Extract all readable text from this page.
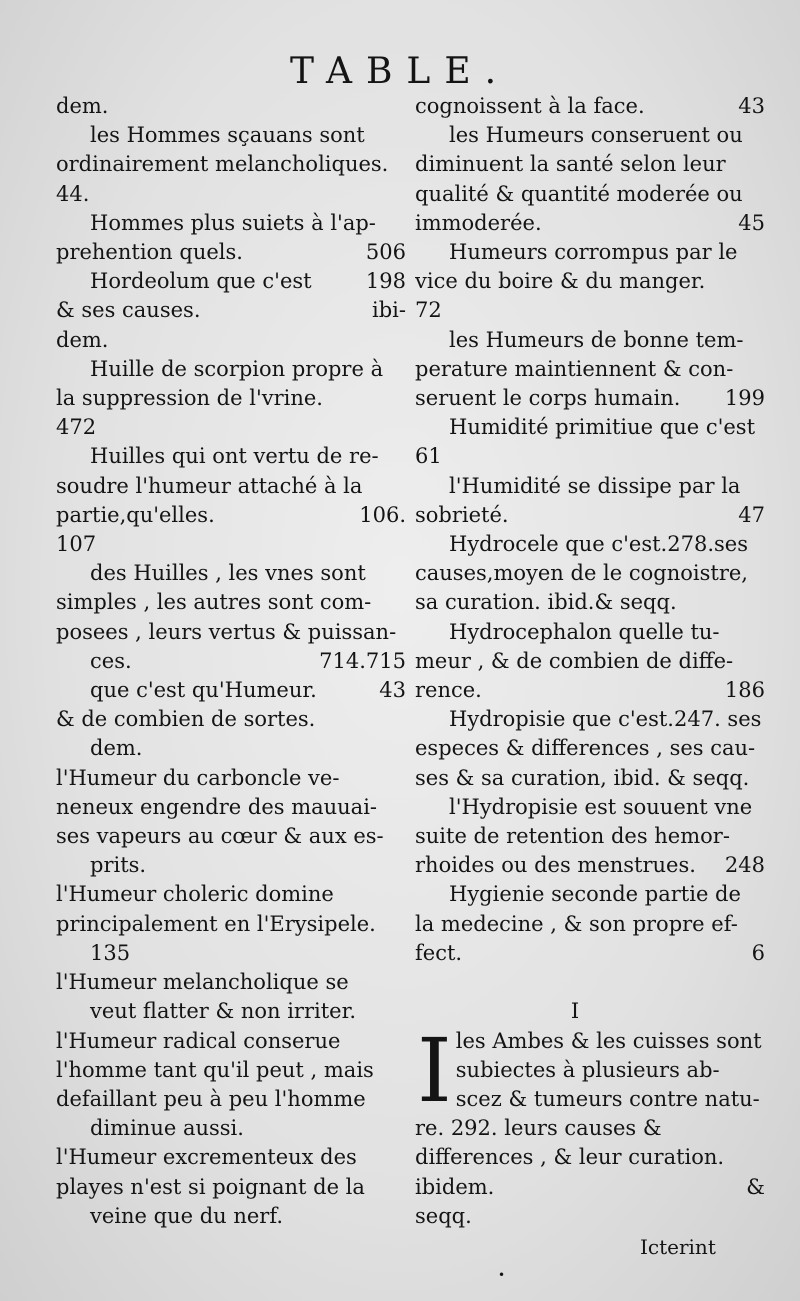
TABLE.
dem.
les Hommes sçauans sont
ordinairement melancholiques.
44.
Hommes plus suiets à l'ap-
prehention quels.	506
Hordeolum que c'est	198
& ses causes.	ibi-
dem.
Huille de scorpion propre à
la suppression de l'vrine.
472
Huilles qui ont vertu de re-
soudre l'humeur attaché à la
partie,qu'elles.	106.
107
des Huilles , les vnes sont
simples , les autres sont com-
posees , leurs vertus & puissan-
ces.	714.715
que c'est qu'Humeur.	43
& de combien de sortes.
dem.
l'Humeur du carboncle ve-
neneux engendre des mauuai-
ses vapeurs au cœur & aux es-
prits.
l'Humeur choleric domine
principalement en l'Erysipele.
135
l'Humeur melancholique se
veut flatter & non irriter.
l'Humeur radical conserue
l'homme tant qu'il peut , mais
defaillant peu à peu l'homme
diminue aussi.
l'Humeur excrementeux des
playes n'est si poignant de la
veine que du nerf.
cognoissent à la face.	43
les Humeurs conseruent ou
diminuent la santé selon leur
qualité & quantité moderée ou
immoderée.	45
Humeurs corrompus par le
vice du boire & du manger.
72
les Humeurs de bonne tem-
perature maintiennent & con-
seruent le corps humain. 199
Humidité primitiue que c'est
61
l'Humidité se dissipe par la
sobrieté.	47
Hydrocele que c'est.278.ses
causes,moyen de le cognoistre,
sa curation. ibid.& seqq.
Hydrocephalon quelle tu-
meur , & de combien de diffe-
rence.	186
Hydropisie que c'est.247. ses
especes & differences , ses cau-
ses & sa curation, ibid. & seqq.
l'Hydropisie est souuent vne
suite de retention des hemor-
rhoides ou des menstrues. 248
Hygienie seconde partie de
la medecine , & son propre ef-
fect.	6

I
I les Ambes & les cuisses sont
subiectes à plusieurs ab-
scez & tumeurs contre natu-
re. 292. leurs causes &
differences , & leur curation.
ibidem.	&
seqq.
Icterint
•
